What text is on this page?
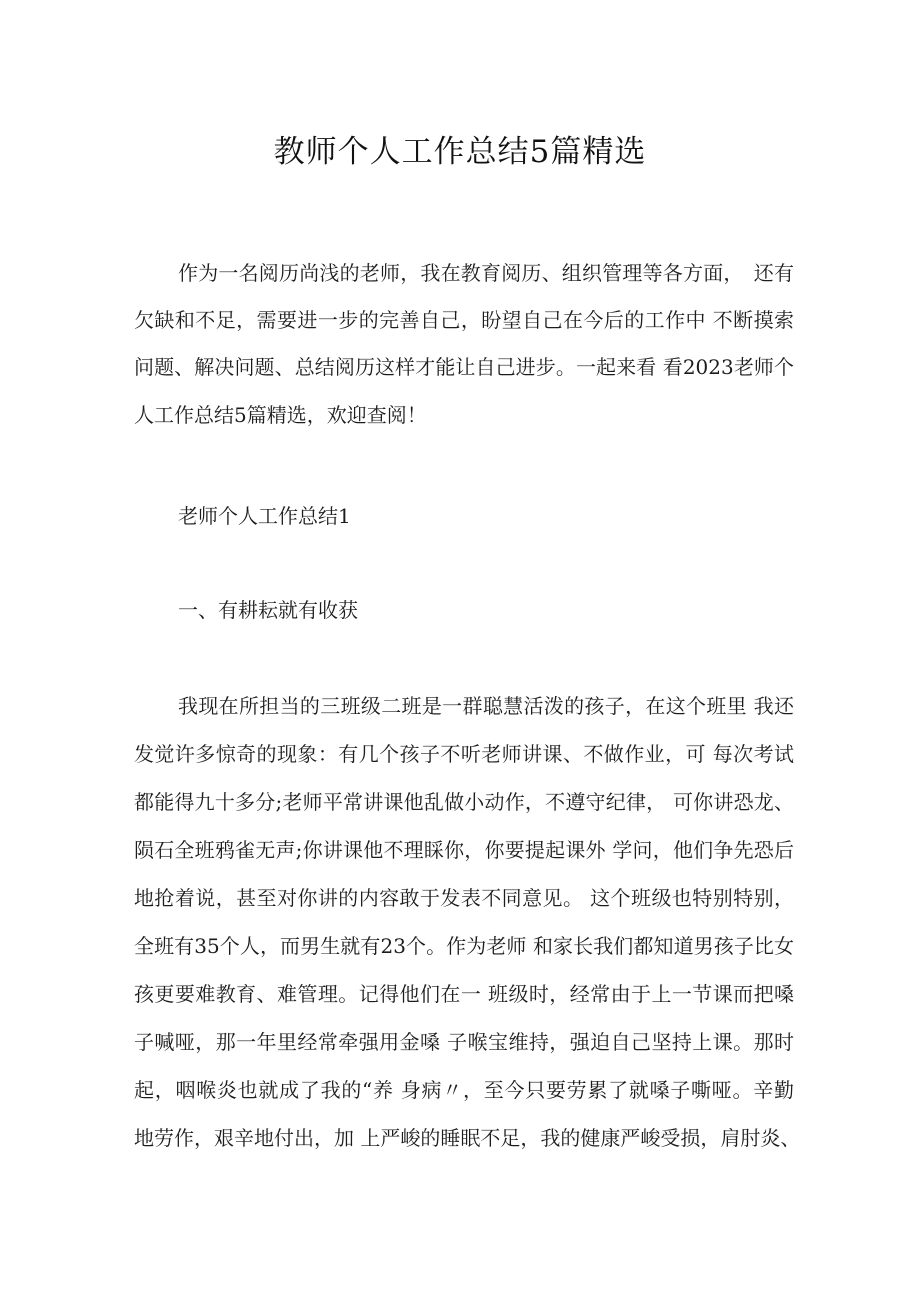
教师个人工作总结5篇精选
作为一名阅历尚浅的老师，我在教育阅历、组织管理等各方面，　还有
欠缺和不足，需要进一步的完善自己，盼望自己在今后的工作中 不断摸索
问题、解决问题、总结阅历这样才能让自己进步。一起来看 看2023老师个
人工作总结5篇精选，欢迎查阅！
老师个人工作总结1
一、有耕耘就有收获
我现在所担当的三班级二班是一群聪慧活泼的孩子，在这个班里 我还
发觉许多惊奇的现象：有几个孩子不听老师讲课、不做作业，可 每次考试
都能得九十多分;老师平常讲课他乱做小动作，不遵守纪律， 可你讲恐龙、
陨石全班鸦雀无声;你讲课他不理睬你，你要提起课外 学问，他们争先恐后
地抢着说，甚至对你讲的内容敢于发表不同意见。 这个班级也特别特别，
全班有35个人，而男生就有23个。作为老师 和家长我们都知道男孩子比女
孩更要难教育、难管理。记得他们在一 班级时，经常由于上一节课而把嗓
子喊哑，那一年里经常牵强用金嗓 子喉宝维持，强迫自己坚持上课。那时
起，咽喉炎也就成了我的“养 身病〃，至今只要劳累了就嗓子嘶哑。辛勤
地劳作，艰辛地付出，加 上严峻的睡眠不足，我的健康严峻受损，肩肘炎、
